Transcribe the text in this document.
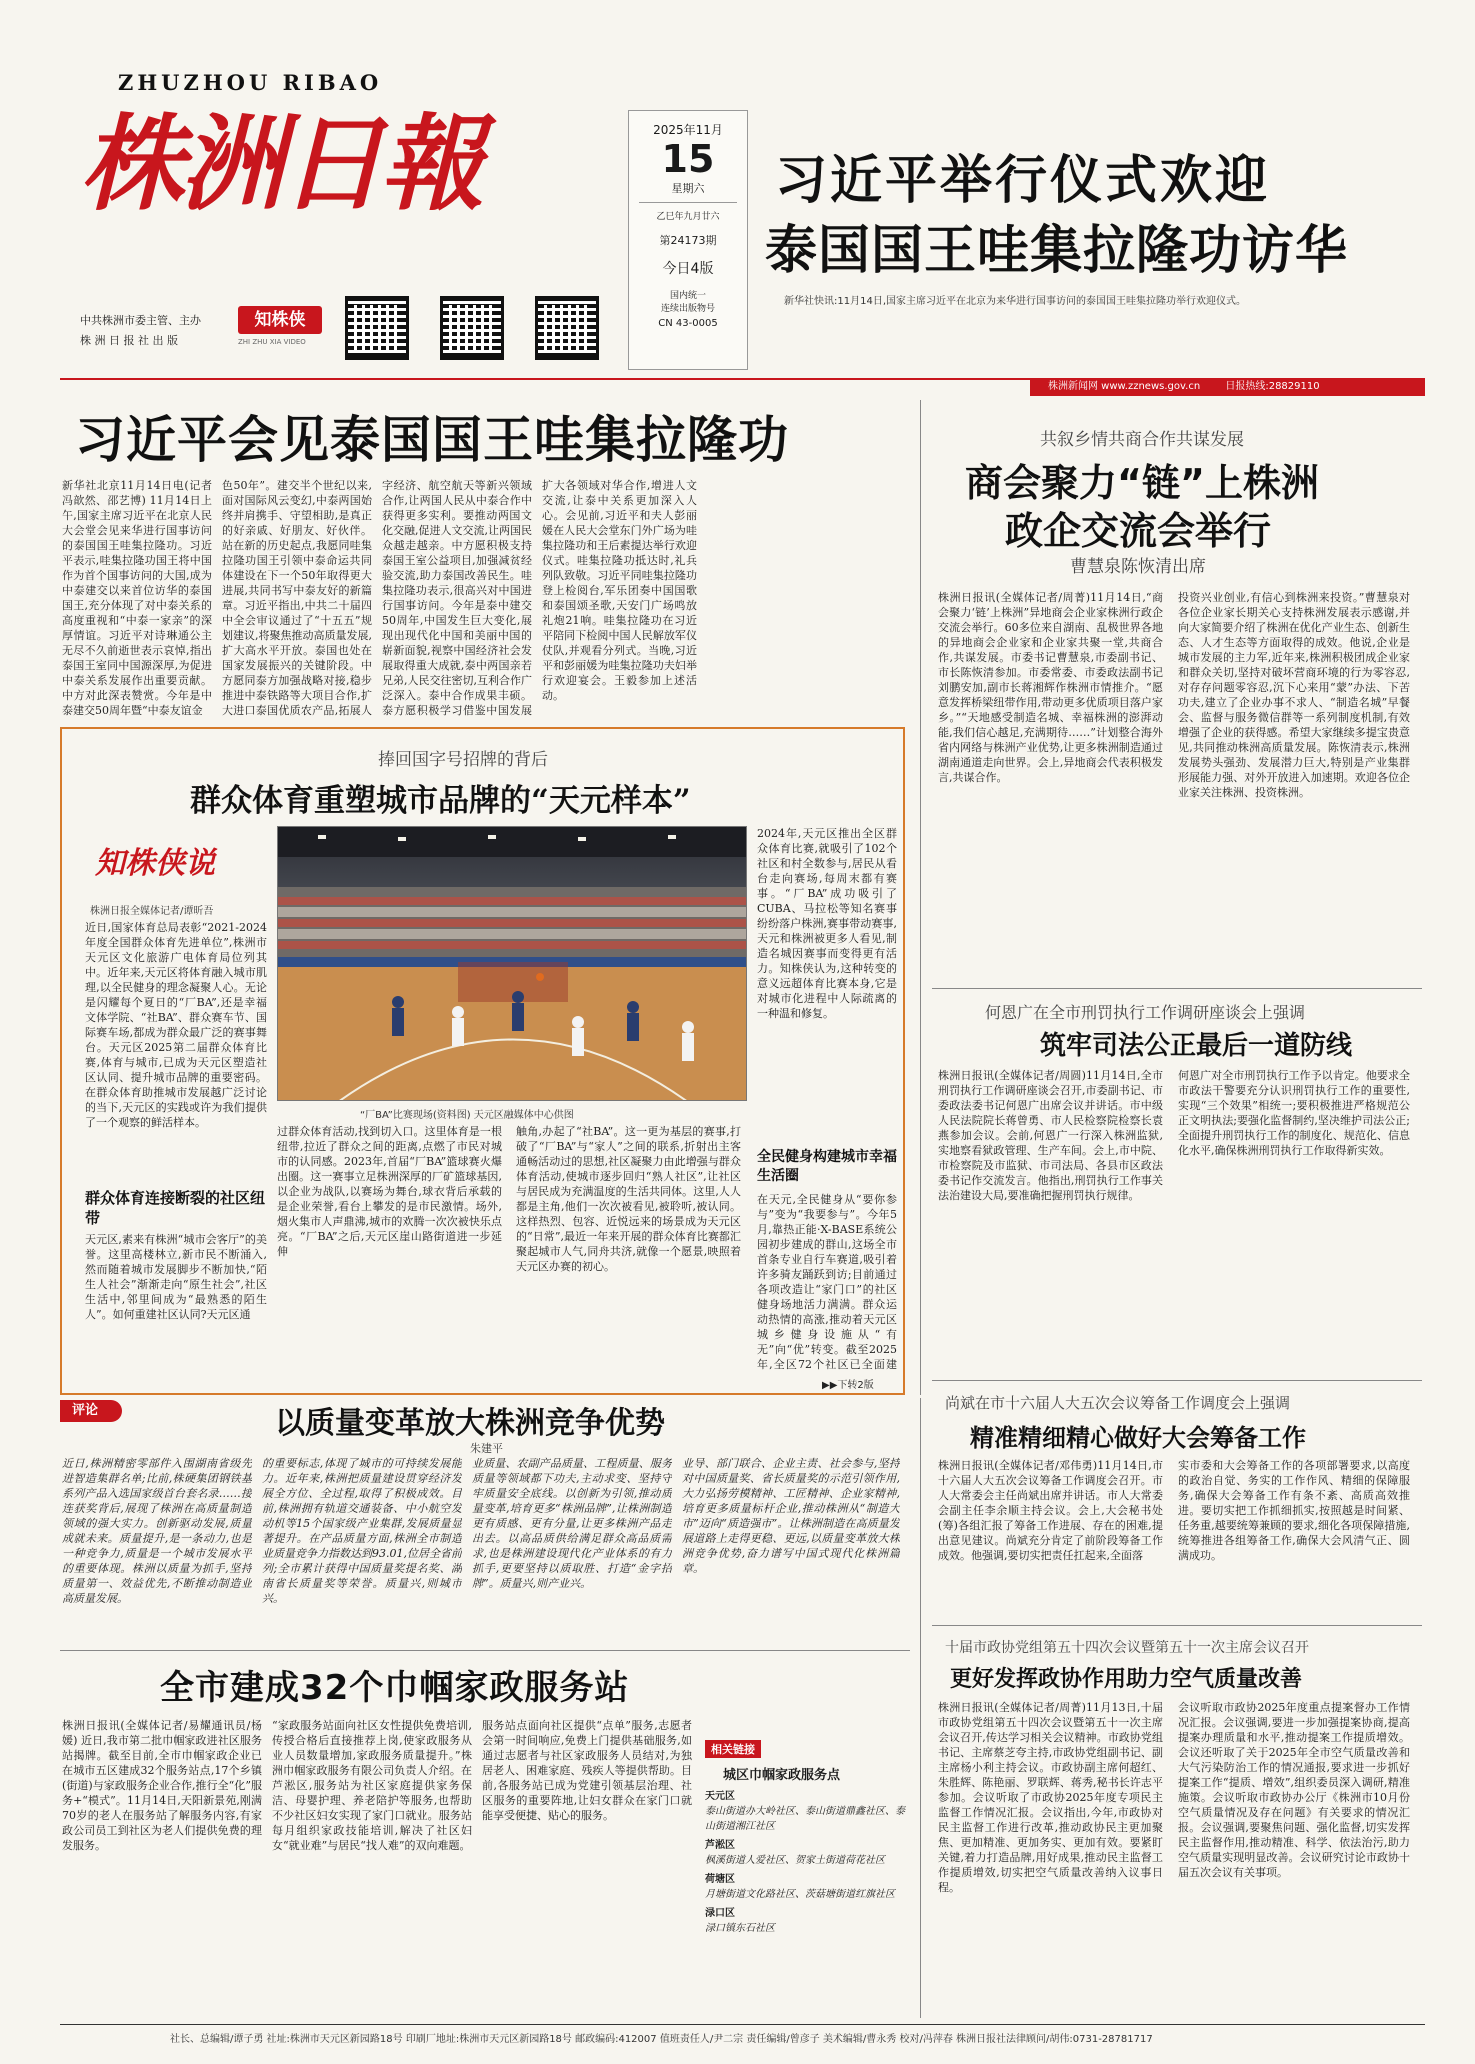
ZHUZHOU RIBAO
株洲日報
中共株洲市委主管、主办
株 洲 日 报 社 出 版
知株侠
ZHI ZHU XIA VIDEO
2025年11月
15
星期六
乙巳年九月廿六
第24173期
今日4版
国内统一
连续出版物号
CN 43-0005
习近平举行仪式欢迎
泰国国王哇集拉隆功访华
新华社快讯:11月14日,国家主席习近平在北京为来华进行国事访问的泰国国王哇集拉隆功举行欢迎仪式。
株洲新闻网 www.zznews.gov.cn	日报热线:28829110
习近平会见泰国国王哇集拉隆功
新华社北京11月14日电(记者冯歆然、邵艺博) 11月14日上午,国家主席习近平在北京人民大会堂会见来华进行国事访问的泰国国王哇集拉隆功。习近平表示,哇集拉隆功国王将中国作为首个国事访问的大国,成为中泰建交以来首位访华的泰国国王,充分体现了对中泰关系的高度重视和“中泰一家亲”的深厚情谊。习近平对诗琳通公主无尽不久前逝世表示哀悼,指出泰国王室同中国源深厚,为促进中泰关系发展作出重要贡献。中方对此深表赞赏。今年是中泰建交50周年暨“中泰友谊金
色50年”。建交半个世纪以来,面对国际风云变幻,中泰两国始终并肩携手、守望相助,是真正的好亲戚、好朋友、好伙伴。站在新的历史起点,我愿同哇集拉隆功国王引领中泰命运共同体建设在下一个50年取得更大进展,共同书写中泰友好的新篇章。习近平指出,中共二十届四中全会审议通过了“十五五”规划建议,将聚焦推动高质量发展,扩大高水平开放。泰国也处在国家发展振兴的关键阶段。中方愿同泰方加强战略对接,稳步推进中泰铁路等大项目合作,扩大进口泰国优质农产品,拓展人
字经济、航空航天等新兴领域合作,让两国人民从中泰合作中获得更多实利。要推动两国文化交融,促进人文交流,让两国民众越走越亲。中方愿积极支持泰国王室公益项目,加强减贫经验交流,助力泰国改善民生。哇集拉隆功表示,很高兴对中国进行国事访问。今年是泰中建交50周年,中国发生巨大变化,展现出现代化中国和美丽中国的崭新面貌,视察中国经济社会发展取得重大成就,泰中两国亲若兄弟,人民交往密切,互利合作广泛深入。泰中合作成果丰硕。泰方愿积极学习借鉴中国发展
扩大各领域对华合作,增进人文交流,让泰中关系更加深入人心。会见前,习近平和夫人彭丽媛在人民大会堂东门外广场为哇集拉隆功和王后素提达举行欢迎仪式。哇集拉隆功抵达时,礼兵列队致敬。习近平同哇集拉隆功登上检阅台,军乐团奏中国国歌和泰国颂圣歌,天安门广场鸣放礼炮21响。哇集拉隆功在习近平陪同下检阅中国人民解放军仪仗队,并观看分列式。当晚,习近平和彭丽媛为哇集拉隆功夫妇举行欢迎宴会。王毅参加上述活动。
捧回国字号招牌的背后
群众体育重塑城市品牌的“天元样本”
知株侠说
株洲日报全媒体记者/谭昕吾
近日,国家体育总局表彰“2021-2024年度全国群众体育先进单位”,株洲市天元区文化旅游广电体育局位列其中。近年来,天元区将体育融入城市肌理,以全民健身的理念凝聚人心。无论是闪耀每个夏日的“厂BA”,还是幸福文体学院、“社BA”、群众赛车节、国际赛车场,都成为群众最广泛的赛事舞台。天元区2025第二届群众体育比赛,体育与城市,已成为天元区塑造社区认同、提升城市品牌的重要密码。在群众体育助推城市发展越广泛讨论的当下,天元区的实践或许为我们提供了一个观察的鲜活样本。
群众体育连接断裂的社区纽带
天元区,素来有株洲“城市会客厅”的美誉。这里高楼林立,新市民不断涌入,然而随着城市发展脚步不断加快,“陌生人社会”渐渐走向“原生社会”,社区生活中,邻里间成为“最熟悉的陌生人”。如何重建社区认同?天元区通
“厂BA”比赛现场(资料图) 天元区融媒体中心供图
过群众体育活动,找到切入口。这里体育是一根纽带,拉近了群众之间的距离,点燃了市民对城市的认同感。2023年,首届“厂BA”篮球赛火爆出圈。这一赛事立足株洲深厚的厂矿篮球基因,以企业为战队,以赛场为舞台,球衣背后承载的是企业荣誉,看台上攀发的是市民激情。场外,烟火集市人声鼎沸,城市的欢腾一次次被快乐点亮。“厂BA”之后,天元区崖山路街道进一步延伸
触角,办起了“社BA”。这一更为基层的赛事,打破了“厂BA”与“家人”之间的联系,折射出主客通畅活动过的思想,社区凝聚力由此增强与群众体育活动,使城市逐步回归“熟人社区”,让社区与居民成为充满温度的生活共同体。这里,人人都是主角,他们一次次被看见,被聆听,被认同。这样热烈、包容、近悦远来的场景成为天元区的“日常”,最近一年来开展的群众体育比赛都汇聚起城市人气,同舟共济,就像一个愿景,映照着天元区办赛的初心。
2024年,天元区推出全区群众体育比赛,就吸引了102个社区和村全数参与,居民从看台走向赛场,每周末都有赛事。“厂BA”成功吸引了CUBA、马拉松等知名赛事纷纷落户株洲,赛事带动赛事,天元和株洲被更多人看见,制造名城因赛事而变得更有活力。知株侠认为,这种转变的意义远超体育比赛本身,它是对城市化进程中人际疏离的一种温和修复。
全民健身构建城市幸福生活圈
在天元,全民健身从“要你参与”变为“我要参与”。今年5月,靠热正能·X-BASE系统公园初步建成的群山,这场全市首条专业自行车赛道,吸引着许多骑友踊跃到访;目前通过各项改造让“家门口”的社区健身场地活力满满。群众运动热情的高涨,推动着天元区城乡健身设施从“有无”向“优”转变。截至2025年,全区72个社区已全面建
▶▶下转2版
共叙乡情共商合作共谋发展
商会聚力“链”上株洲
政企交流会举行
曹慧泉陈恢清出席
株洲日报讯(全媒体记者/周菁)11月14日,“商会聚力‘链’上株洲”异地商会企业家株洲行政企交流会举行。60多位来自湖南、乱极世界各地的异地商会企业家和企业家共聚一堂,共商合作,共谋发展。市委书记曹慧泉,市委副书记、市长陈恢清参加。市委常委、市委政法副书记刘鹏安加,副市长蒋湘辉作株洲市情推介。“愿意发挥桥梁纽带作用,带动更多优质项目落户家乡。”“天地感受制造名城、幸福株洲的澎湃动能,我们信心越足,充满期待……”计划整合海外省内网络与株洲产业优势,让更多株洲制造通过湖南通道走向世界。会上,异地商会代表积极发言,共谋合作。
投资兴业创业,有信心到株洲来投资。”曹慧泉对各位企业家长期关心支持株洲发展表示感谢,并向大家简要介绍了株洲在优化产业生态、创新生态、人才生态等方面取得的成效。他说,企业是城市发展的主力军,近年来,株洲积极团成企业家和群众关切,坚持对破坏营商环境的行为零容忍,对存存问题零容忍,沉下心来用“蒙”办法、下苦功夫,建立了企业办事不求人、“制造名城”早餐会、监督与服务微信群等一系列制度机制,有效增强了企业的获得感。希望大家继续多提宝贵意见,共同推动株洲高质量发展。陈恢清表示,株洲发展势头强劲、发展潜力巨大,特别是产业集群形展能力强、对外开放进入加速期。欢迎各位企业家关注株洲、投资株洲。
何恩广在全市刑罚执行工作调研座谈会上强调
筑牢司法公正最后一道防线
株洲日报讯(全媒体记者/周圆)11月14日,全市刑罚执行工作调研座谈会召开,市委副书记、市委政法委书记何恩广出席会议并讲话。市中级人民法院院长蒋曾勇、市人民检察院检察长袁燕参加会议。会前,何恩广一行深入株洲监狱,实地察看狱政管理、生产车间。会上,市中院、市检察院及市监狱、市司法局、各县市区政法委书记作交流发言。他指出,刑罚执行工作事关法治建设大局,要准确把握刑罚执行规律。
何恩广对全市刑罚执行工作予以肯定。他要求全市政法干警要充分认识刑罚执行工作的重要性,实现“三个效果”相统一;要积极推进严格规范公正文明执法;要强化监督制约,坚决维护司法公正;全面提升刑罚执行工作的制度化、规范化、信息化水平,确保株洲刑罚执行工作取得新实效。
尚斌在市十六届人大五次会议筹备工作调度会上强调
精准精细精心做好大会筹备工作
株洲日报讯(全媒体记者/邓伟勇)11月14日,市十六届人大五次会议筹备工作调度会召开。市人大常委会主任尚斌出席并讲话。市人大常委会副主任李余顺主持会议。会上,大会秘书处(筹)各组汇报了筹备工作进展、存在的困难,提出意见建议。尚斌充分肯定了前阶段筹备工作成效。他强调,要切实把责任扛起来,全面落
实市委和大会筹备工作的各项部署要求,以高度的政治自觉、务实的工作作风、精细的保障服务,确保大会筹备工作有条不紊、高质高效推进。要切实把工作抓细抓实,按照越是时间紧、任务重,越要统筹兼顾的要求,细化各项保障措施,统筹推进各组筹备工作,确保大会风清气正、圆满成功。
十届市政协党组第五十四次会议暨第五十一次主席会议召开
更好发挥政协作用助力空气质量改善
株洲日报讯(全媒体记者/周菁)11月13日,十届市政协党组第五十四次会议暨第五十一次主席会议召开,传达学习相关会议精神。市政协党组书记、主席蔡芝夸主持,市政协党组副书记、副主席杨小利主持会议。市政协副主席何超红、朱胜辉、陈艳丽、罗联辉、蒋秀,秘书长许志平参加。会议听取了市政协2025年度专项民主监督工作情况汇报。会议指出,今年,市政协对民主监督工作进行改革,推动政协民主更加聚焦、更加精准、更加务实、更加有效。要紧盯关键,着力打造品牌,用好成果,推动民主监督工作提质增效,切实把空气质量改善纳入议事日程。
会议听取市政协2025年度重点提案督办工作情况汇报。会议强调,要进一步加强提案协商,提高提案办理质量和水平,推动提案工作提质增效。会议还听取了关于2025年全市空气质量改善和大气污染防治工作的情况通报,要求进一步抓好提案工作“提质、增效”,组织委员深入调研,精准施策。会议听取市政协办公厅《株洲市10月份空气质量情况及存在问题》有关要求的情况汇报。会议强调,要聚焦问题、强化监督,切实发挥民主监督作用,推动精准、科学、依法治污,助力空气质量实现明显改善。会议研究讨论市政协十届五次会议有关事项。
评论	以质量变革放大株洲竞争优势
朱建平
近日,株洲精密零部件入围湖南省级先进智造集群名单;比前,株硬集团钢铁基系列产品入选国家级首台套名录……接连获奖背后,展现了株洲在高质量制造领域的强大实力。创新驱动发展,质量成就未来。质量提升,是一条动力,也是一种竞争力,质量是一个城市发展水平的重要体现。株洲以质量为抓手,坚持质量第一、效益优先,不断推动制造业高质量发展。
的重要标志,体现了城市的可持续发展能力。近年来,株洲把质量建设贯穿经济发展全方位、全过程,取得了积极成效。目前,株洲拥有轨道交通装备、中小航空发动机等15个国家级产业集群,发展质量显著提升。在产品质量方面,株洲全市制造业质量竞争力指数达到93.01,位居全省前列;全市累计获得中国质量奖提名奖、湖南省长质量奖等荣誉。质量兴,则城市兴。
业质量、农副产品质量、工程质量、服务质量等领域都下功夫,主动求变、坚持守牢质量安全底线。以创新为引领,推动质量变革,培育更多“株洲品牌”,让株洲制造更有质感、更有分量,让更多株洲产品走出去。以高品质供给满足群众高品质需求,也是株洲建设现代化产业体系的有力抓手,更要坚持以质取胜、打造“金字招牌”。质量兴,则产业兴。
业导、部门联合、企业主责、社会参与,坚持对中国质量奖、省长质量奖的示范引领作用,大力弘扬劳模精神、工匠精神、企业家精神,培育更多质量标杆企业,推动株洲从“制造大市”迈向“质造强市”。让株洲制造在高质量发展道路上走得更稳、更远,以质量变革放大株洲竞争优势,奋力谱写中国式现代化株洲篇章。
全市建成32个巾帼家政服务站
株洲日报讯(全媒体记者/易耀通讯员/杨媛) 近日,我市第二批巾帼家政进社区服务站揭牌。截至目前,全市巾帼家政企业已在城市五区建成32个服务站点,17个乡镇(街道)与家政服务企业合作,推行全“化”服务+“模式”。11月14日,天阳新景苑,刚满70岁的老人在服务站了解服务内容,有家政公司员工到社区为老人们提供免费的理发服务。
“家政服务站面向社区女性提供免费培训,传授合格后直接推荐上岗,使家政服务从业人员数量增加,家政服务质量提升。”株洲巾帼家政服务有限公司负责人介绍。在芦淞区,服务站为社区家庭提供家务保洁、母婴护理、养老陪护等服务,也帮助不少社区妇女实现了家门口就业。服务站每月组织家政技能培训,解决了社区妇女“就业难”与居民“找人难”的双向难题。
服务站点面向社区提供“点单”服务,志愿者会第一时间响应,免费上门提供基础服务,如通过志愿者与社区家政服务人员结对,为独居老人、困难家庭、残疾人等提供帮助。目前,各服务站已成为党建引领基层治理、社区服务的重要阵地,让妇女群众在家门口就能享受便捷、贴心的服务。
相关链接
城区巾帼家政服务点
天元区
泰山街道办大岭社区、泰山街道鼎鑫社区、泰山街道湘江社区
芦淞区
枫溪街道人爱社区、贺家土街道荷花社区
荷塘区
月塘街道文化路社区、茨菇塘街道红旗社区
渌口区
渌口镇东石社区
社长、总编辑/谭子勇 社址:株洲市天元区新园路18号 印刷厂地址:株洲市天元区新园路18号 邮政编码:412007 值班责任人/尹二宗 责任编辑/曾彦子 美术编辑/曹永秀 校对/冯萍春 株洲日报社法律顾问/胡伟:0731-28781717
